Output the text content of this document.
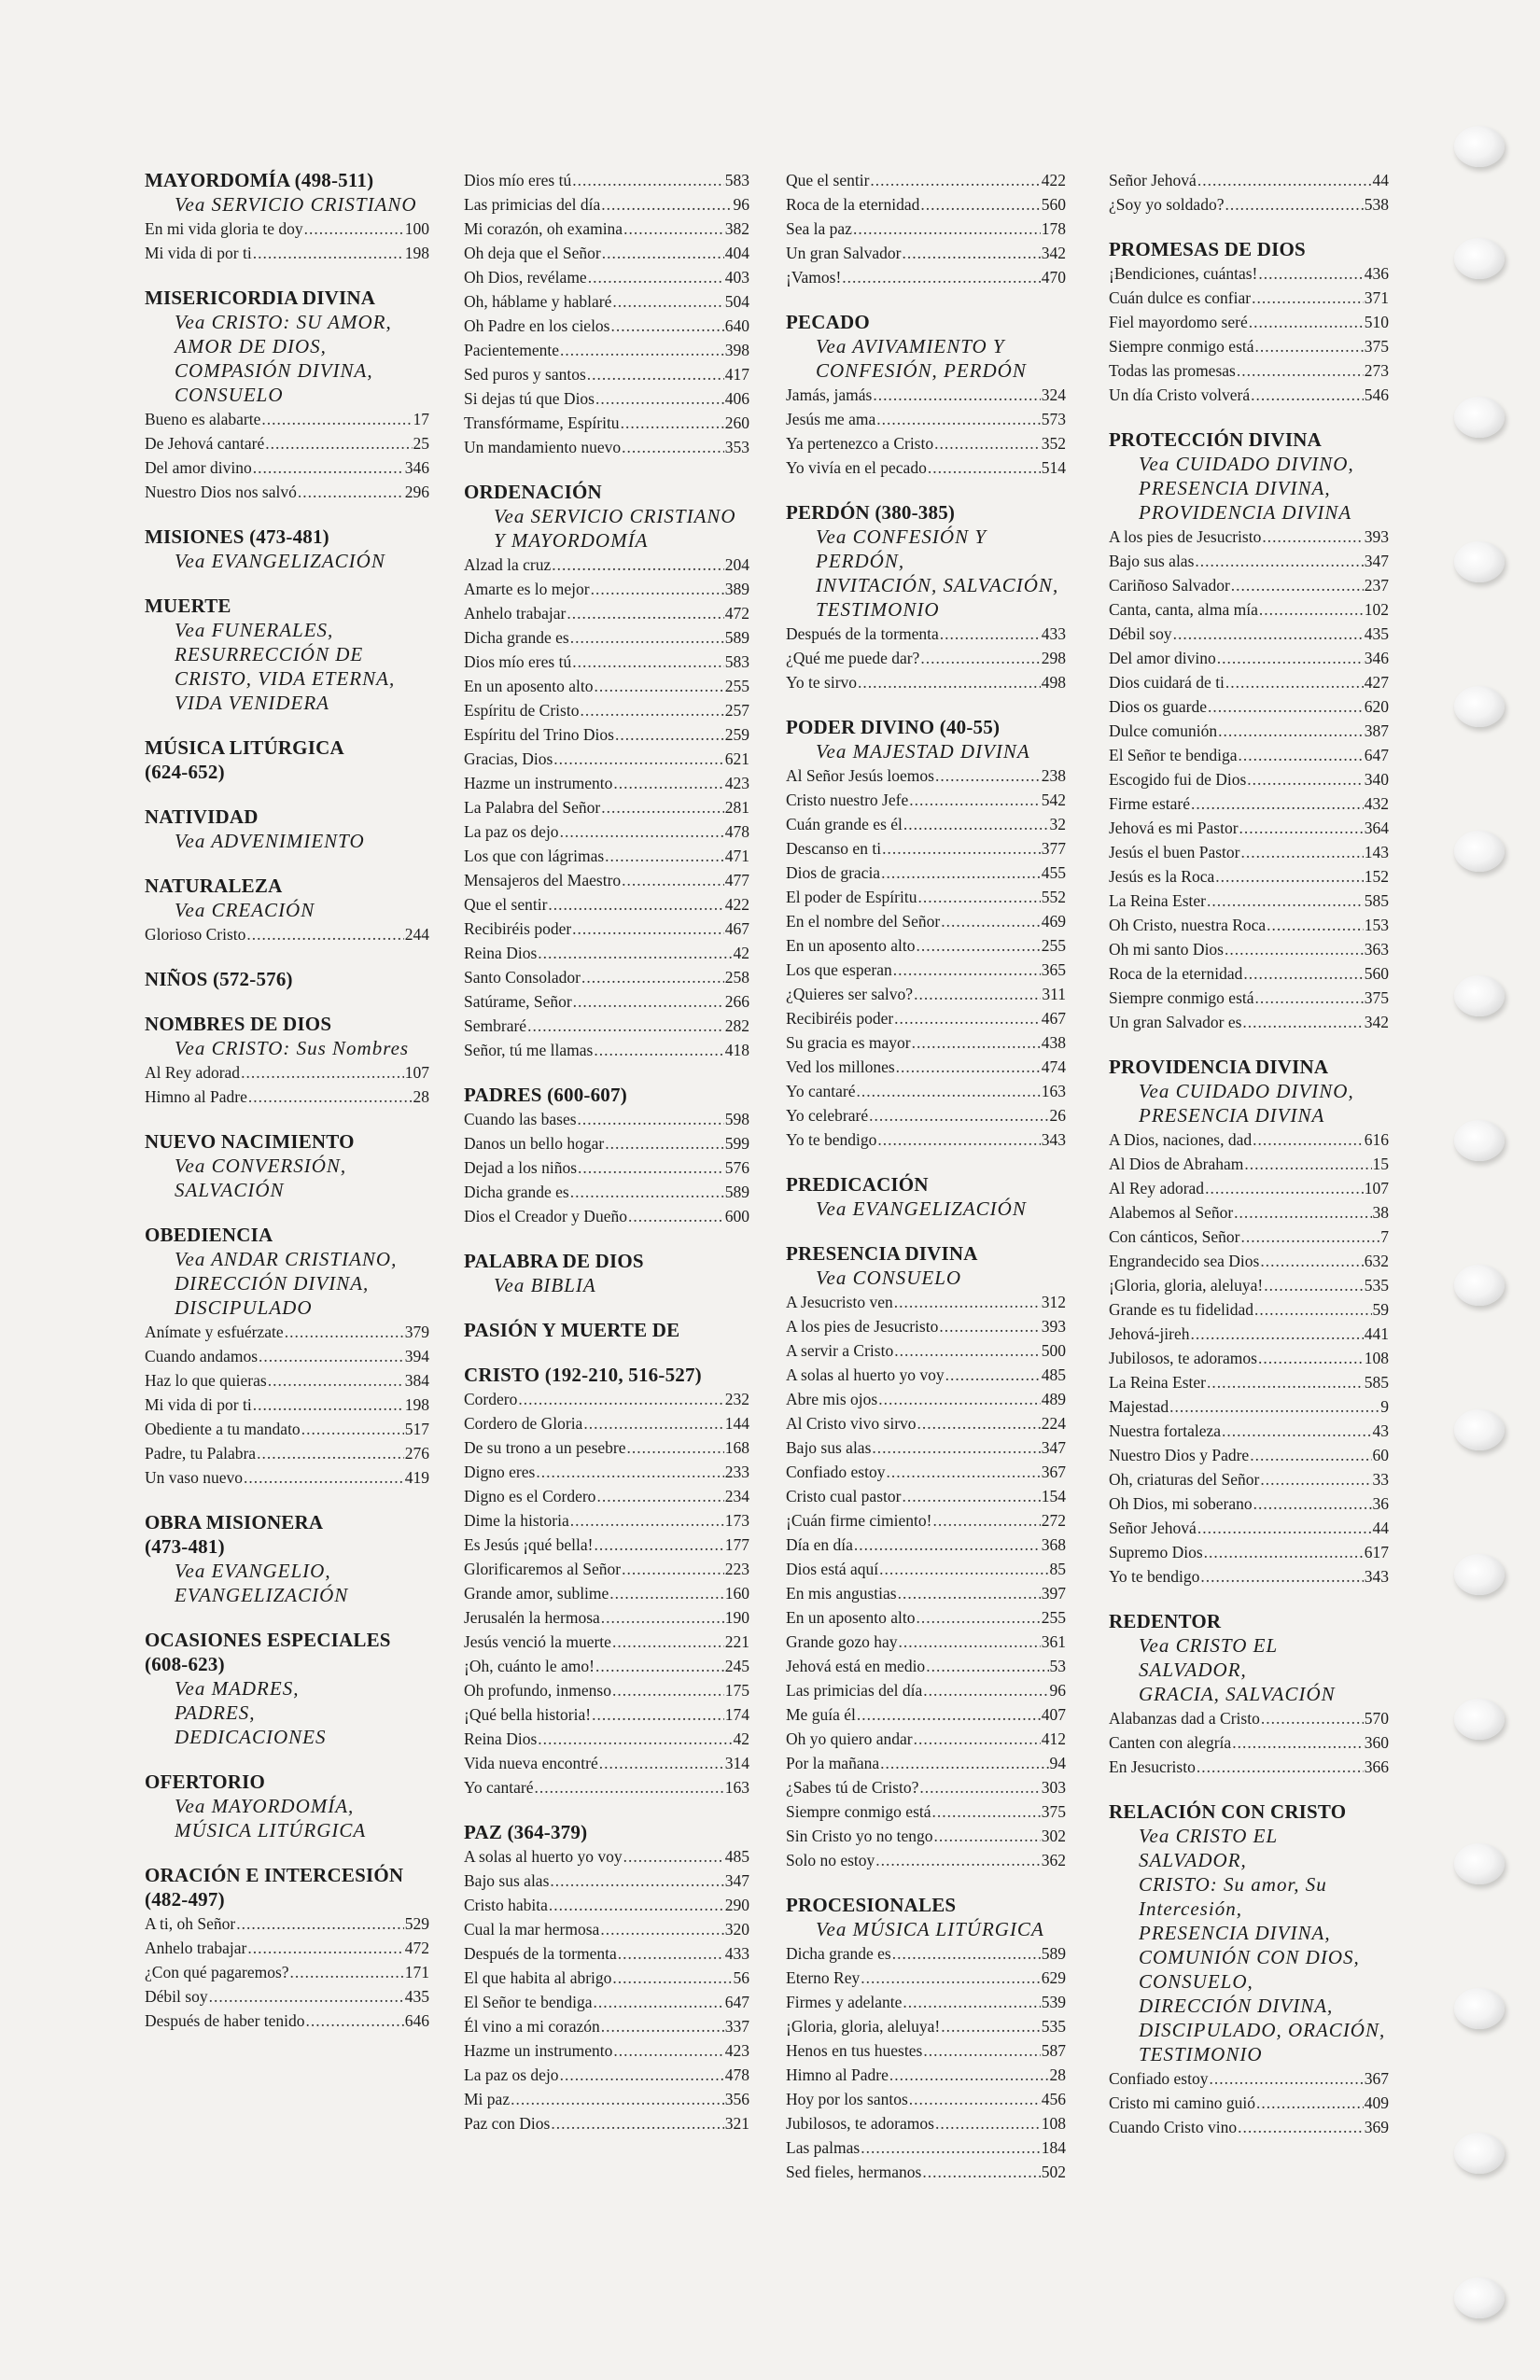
MAYORDOMÍA (498-511)
Vea SERVICIO CRISTIANO
En mi vida gloria te doy .....	100
Mi vida di por ti .....	198
MISERICORDIA DIVINA
Vea CRISTO: SU AMOR,
AMOR DE DIOS,
COMPASIÓN DIVINA,
CONSUELO
Bueno es alabarte .....	17
De Jehová cantaré .....	25
Del amor divino .....	346
Nuestro Dios nos salvó .....	296
MISIONES (473-481)
Vea EVANGELIZACIÓN
MUERTE
Vea FUNERALES,
RESURRECCIÓN DE
CRISTO, VIDA ETERNA,
VIDA VENIDERA
MÚSICA LITÚRGICA
(624-652)
NATIVIDAD
Vea ADVENIMIENTO
NATURALEZA
Vea CREACIÓN
Glorioso Cristo .....	244
NIÑOS (572-576)
NOMBRES DE DIOS
Vea CRISTO: Sus Nombres
Al Rey adorad .....	107
Himno al Padre .....	28
NUEVO NACIMIENTO
Vea CONVERSIÓN,
SALVACIÓN
OBEDIENCIA
Vea ANDAR CRISTIANO,
DIRECCIÓN DIVINA,
DISCIPULADO
Anímate y esfuérzate .....	379
Cuando andamos .....	394
Haz lo que quieras .....	384
Mi vida di por ti .....	198
Obediente a tu mandato .....	517
Padre, tu Palabra .....	276
Un vaso nuevo .....	419
OBRA MISIONERA
(473-481)
Vea EVANGELIO,
EVANGELIZACIÓN
OCASIONES ESPECIALES
(608-623)
Vea MADRES,
PADRES,
DEDICACIONES
OFERTORIO
Vea MAYORDOMÍA,
MÚSICA LITÚRGICA
ORACIÓN E INTERCESIÓN
(482-497)
A ti, oh Señor .....	529
Anhelo trabajar .....	472
¿Con qué pagaremos? .....	171
Débil soy .....	435
Después de haber tenido .....	646
Dios mío eres tú .....	583
Las primicias del día .....	96
Mi corazón, oh examina .....	382
Oh deja que el Señor .....	404
Oh Dios, revélame .....	403
Oh, háblame y hablaré .....	504
Oh Padre en los cielos .....	640
Pacientemente .....	398
Sed puros y santos .....	417
Si dejas tú que Dios .....	406
Transfórmame, Espíritu .....	260
Un mandamiento nuevo .....	353
ORDENACIÓN
Vea SERVICIO CRISTIANO
Y MAYORDOMÍA
Alzad la cruz .....	204
Amarte es lo mejor .....	389
Anhelo trabajar .....	472
Dicha grande es .....	589
Dios mío eres tú .....	583
En un aposento alto .....	255
Espíritu de Cristo .....	257
Espíritu del Trino Dios .....	259
Gracias, Dios .....	621
Hazme un instrumento .....	423
La Palabra del Señor .....	281
La paz os dejo .....	478
Los que con lágrimas .....	471
Mensajeros del Maestro .....	477
Que el sentir .....	422
Recibiréis poder .....	467
Reina Dios .....	42
Santo Consolador .....	258
Satúrame, Señor .....	266
Sembraré .....	282
Señor, tú me llamas .....	418
PADRES (600-607)
Cuando las bases .....	598
Danos un bello hogar .....	599
Dejad a los niños .....	576
Dicha grande es .....	589
Dios el Creador y Dueño .....	600
PALABRA DE DIOS
Vea BIBLIA
PASIÓN Y MUERTE DE
CRISTO (192-210, 516-527)
Cordero .....	232
Cordero de Gloria .....	144
De su trono a un pesebre .....	168
Digno eres .....	233
Digno es el Cordero .....	234
Dime la historia .....	173
Es Jesús ¡qué bella! .....	177
Glorificaremos al Señor .....	223
Grande amor, sublime .....	160
Jerusalén la hermosa .....	190
Jesús venció la muerte .....	221
¡Oh, cuánto le amo! .....	245
Oh profundo, inmenso .....	175
¡Qué bella historia! .....	174
Reina Dios .....	42
Vida nueva encontré .....	314
Yo cantaré .....	163
PAZ (364-379)
A solas al huerto yo voy .....	485
Bajo sus alas .....	347
Cristo habita .....	290
Cual la mar hermosa .....	320
Después de la tormenta .....	433
El que habita al abrigo .....	56
El Señor te bendiga .....	647
Él vino a mi corazón .....	337
Hazme un instrumento .....	423
La paz os dejo .....	478
Mi paz .....	356
Paz con Dios .....	321
Que el sentir .....	422
Roca de la eternidad .....	560
Sea la paz .....	178
Un gran Salvador .....	342
¡Vamos! .....	470
PECADO
Vea AVIVAMIENTO Y
CONFESIÓN, PERDÓN
Jamás, jamás .....	324
Jesús me ama .....	573
Ya pertenezco a Cristo .....	352
Yo vivía en el pecado .....	514
PERDÓN (380-385)
Vea CONFESIÓN Y PERDÓN,
INVITACIÓN, SALVACIÓN,
TESTIMONIO
Después de la tormenta .....	433
¿Qué me puede dar? .....	298
Yo te sirvo .....	498
PODER DIVINO (40-55)
Vea MAJESTAD DIVINA
Al Señor Jesús loemos .....	238
Cristo nuestro Jefe .....	542
Cuán grande es él .....	32
Descanso en ti .....	377
Dios de gracia .....	455
El poder de Espíritu .....	552
En el nombre del Señor .....	469
En un aposento alto .....	255
Los que esperan .....	365
¿Quieres ser salvo? .....	311
Recibiréis poder .....	467
Su gracia es mayor .....	438
Ved los millones .....	474
Yo cantaré .....	163
Yo celebraré .....	26
Yo te bendigo .....	343
PREDICACIÓN
Vea EVANGELIZACIÓN
PRESENCIA DIVINA
Vea CONSUELO
A Jesucristo ven .....	312
A los pies de Jesucristo .....	393
A servir a Cristo .....	500
A solas al huerto yo voy .....	485
Abre mis ojos .....	489
Al Cristo vivo sirvo .....	224
Bajo sus alas .....	347
Confiado estoy .....	367
Cristo cual pastor .....	154
¡Cuán firme cimiento! .....	272
Día en día .....	368
Dios está aquí .....	85
En mis angustias .....	397
En un aposento alto .....	255
Grande gozo hay .....	361
Jehová está en medio .....	53
Las primicias del día .....	96
Me guía él .....	407
Oh yo quiero andar .....	412
Por la mañana .....	94
¿Sabes tú de Cristo? .....	303
Siempre conmigo está .....	375
Sin Cristo yo no tengo .....	302
Solo no estoy .....	362
PROCESIONALES
Vea MÚSICA LITÚRGICA
Dicha grande es .....	589
Eterno Rey .....	629
Firmes y adelante .....	539
¡Gloria, gloria, aleluya! .....	535
Henos en tus huestes .....	587
Himno al Padre .....	28
Hoy por los santos .....	456
Jubilosos, te adoramos .....	108
Las palmas .....	184
Sed fieles, hermanos .....	502
Señor Jehová .....	44
¿Soy yo soldado? .....	538
PROMESAS DE DIOS
¡Bendiciones, cuántas! .....	436
Cuán dulce es confiar .....	371
Fiel mayordomo seré .....	510
Siempre conmigo está .....	375
Todas las promesas .....	273
Un día Cristo volverá .....	546
PROTECCIÓN DIVINA
Vea CUIDADO DIVINO,
PRESENCIA DIVINA,
PROVIDENCIA DIVINA
A los pies de Jesucristo .....	393
Bajo sus alas .....	347
Cariñoso Salvador .....	237
Canta, canta, alma mía .....	102
Débil soy .....	435
Del amor divino .....	346
Dios cuidará de ti .....	427
Dios os guarde .....	620
Dulce comunión .....	387
El Señor te bendiga .....	647
Escogido fui de Dios .....	340
Firme estaré .....	432
Jehová es mi Pastor .....	364
Jesús el buen Pastor .....	143
Jesús es la Roca .....	152
La Reina Ester .....	585
Oh Cristo, nuestra Roca .....	153
Oh mi santo Dios .....	363
Roca de la eternidad .....	560
Siempre conmigo está .....	375
Un gran Salvador es .....	342
PROVIDENCIA DIVINA
Vea CUIDADO DIVINO,
PRESENCIA DIVINA
A Dios, naciones, dad .....	616
Al Dios de Abraham .....	15
Al Rey adorad .....	107
Alabemos al Señor .....	38
Con cánticos, Señor .....	7
Engrandecido sea Dios .....	632
¡Gloria, gloria, aleluya! .....	535
Grande es tu fidelidad .....	59
Jehová-jireh .....	441
Jubilosos, te adoramos .....	108
La Reina Ester .....	585
Majestad .....	9
Nuestra fortaleza .....	43
Nuestro Dios y Padre .....	60
Oh, criaturas del Señor .....	33
Oh Dios, mi soberano .....	36
Señor Jehová .....	44
Supremo Dios .....	617
Yo te bendigo .....	343
REDENTOR
Vea CRISTO EL SALVADOR,
GRACIA, SALVACIÓN
Alabanzas dad a Cristo .....	570
Canten con alegría .....	360
En Jesucristo .....	366
RELACIÓN CON CRISTO
Vea CRISTO EL SALVADOR,
CRISTO: Su amor, Su
Intercesión,
PRESENCIA DIVINA,
COMUNIÓN CON DIOS,
CONSUELO,
DIRECCIÓN DIVINA,
DISCIPULADO, ORACIÓN,
TESTIMONIO
Confiado estoy .....	367
Cristo mi camino guió .....	409
Cuando Cristo vino .....	369
